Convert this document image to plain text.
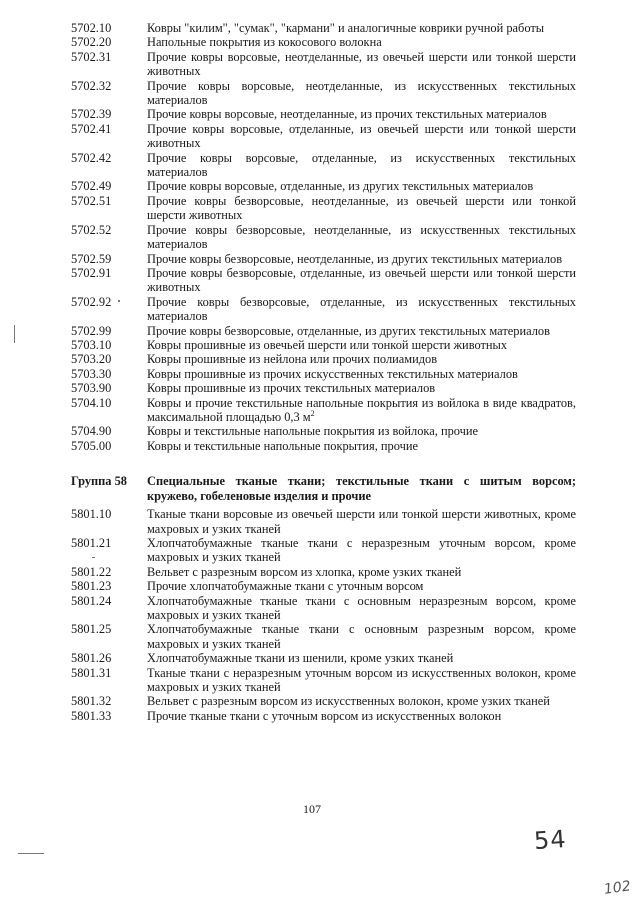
5702.10	Ковры "килим", "сумак", "кармани" и аналогичные коврики ручной работы
5702.20	Напольные покрытия из кокосового волокна
5702.31	Прочие ковры ворсовые, неотделанные, из овечьей шерсти или тонкой шерсти животных
5702.32	Прочие ковры ворсовые, неотделанные, из искусственных текстильных материалов
5702.39	Прочие ковры ворсовые, неотделанные, из прочих текстильных материалов
5702.41	Прочие ковры ворсовые, отделанные, из овечьей шерсти или тонкой шерсти животных
5702.42	Прочие ковры ворсовые, отделанные, из искусственных текстильных материалов
5702.49	Прочие ковры ворсовые, отделанные, из других текстильных материалов
5702.51	Прочие ковры безворсовые, неотделанные, из овечьей шерсти или тонкой шерсти животных
5702.52	Прочие ковры безворсовые, неотделанные, из искусственных текстильных материалов
5702.59	Прочие ковры безворсовые, неотделанные, из других текстильных материалов
5702.91	Прочие ковры безворсовые, отделанные, из овечьей шерсти или тонкой шерсти животных
5702.92	Прочие ковры безворсовые, отделанные, из искусственных текстильных материалов
5702.99	Прочие ковры безворсовые, отделанные, из других текстильных материалов
5703.10	Ковры прошивные из овечьей шерсти или тонкой шерсти животных
5703.20	Ковры прошивные из нейлона или прочих полиамидов
5703.30	Ковры прошивные из прочих искусственных текстильных материалов
5703.90	Ковры прошивные из прочих текстильных материалов
5704.10	Ковры и прочие текстильные напольные покрытия из войлока в виде квадратов, максимальной площадью 0,3 $м^2$
5704.90	Ковры и текстильные напольные покрытия из войлока, прочие
5705.00	Ковры и текстильные напольные покрытия, прочие
Группа 58	Специальные тканые ткани; текстильные ткани с шитым ворсом; кружево, гобеленовые изделия и прочие
5801.10	Тканые ткани ворсовые из овечьей шерсти или тонкой шерсти животных, кроме махровых и узких тканей
5801.21	Хлопчатобумажные тканые ткани с неразрезным уточным ворсом, кроме махровых и узких тканей
5801.22	Вельвет с разрезным ворсом из хлопка, кроме узких тканей
5801.23	Прочие хлопчатобумажные ткани с уточным ворсом
5801.24	Хлопчатобумажные тканые ткани с основным неразрезным ворсом, кроме махровых и узких тканей
5801.25	Хлопчатобумажные тканые ткани с основным разрезным ворсом, кроме махровых и узких тканей
5801.26	Хлопчатобумажные ткани из шенили, кроме узких тканей
5801.31	Тканые ткани с неразрезным уточным ворсом из искусственных волокон, кроме махровых и узких тканей
5801.32	Вельвет с разрезным ворсом из искусственных волокон, кроме узких тканей
5801.33	Прочие тканые ткани с уточным ворсом из искусственных волокон
107
54
102
